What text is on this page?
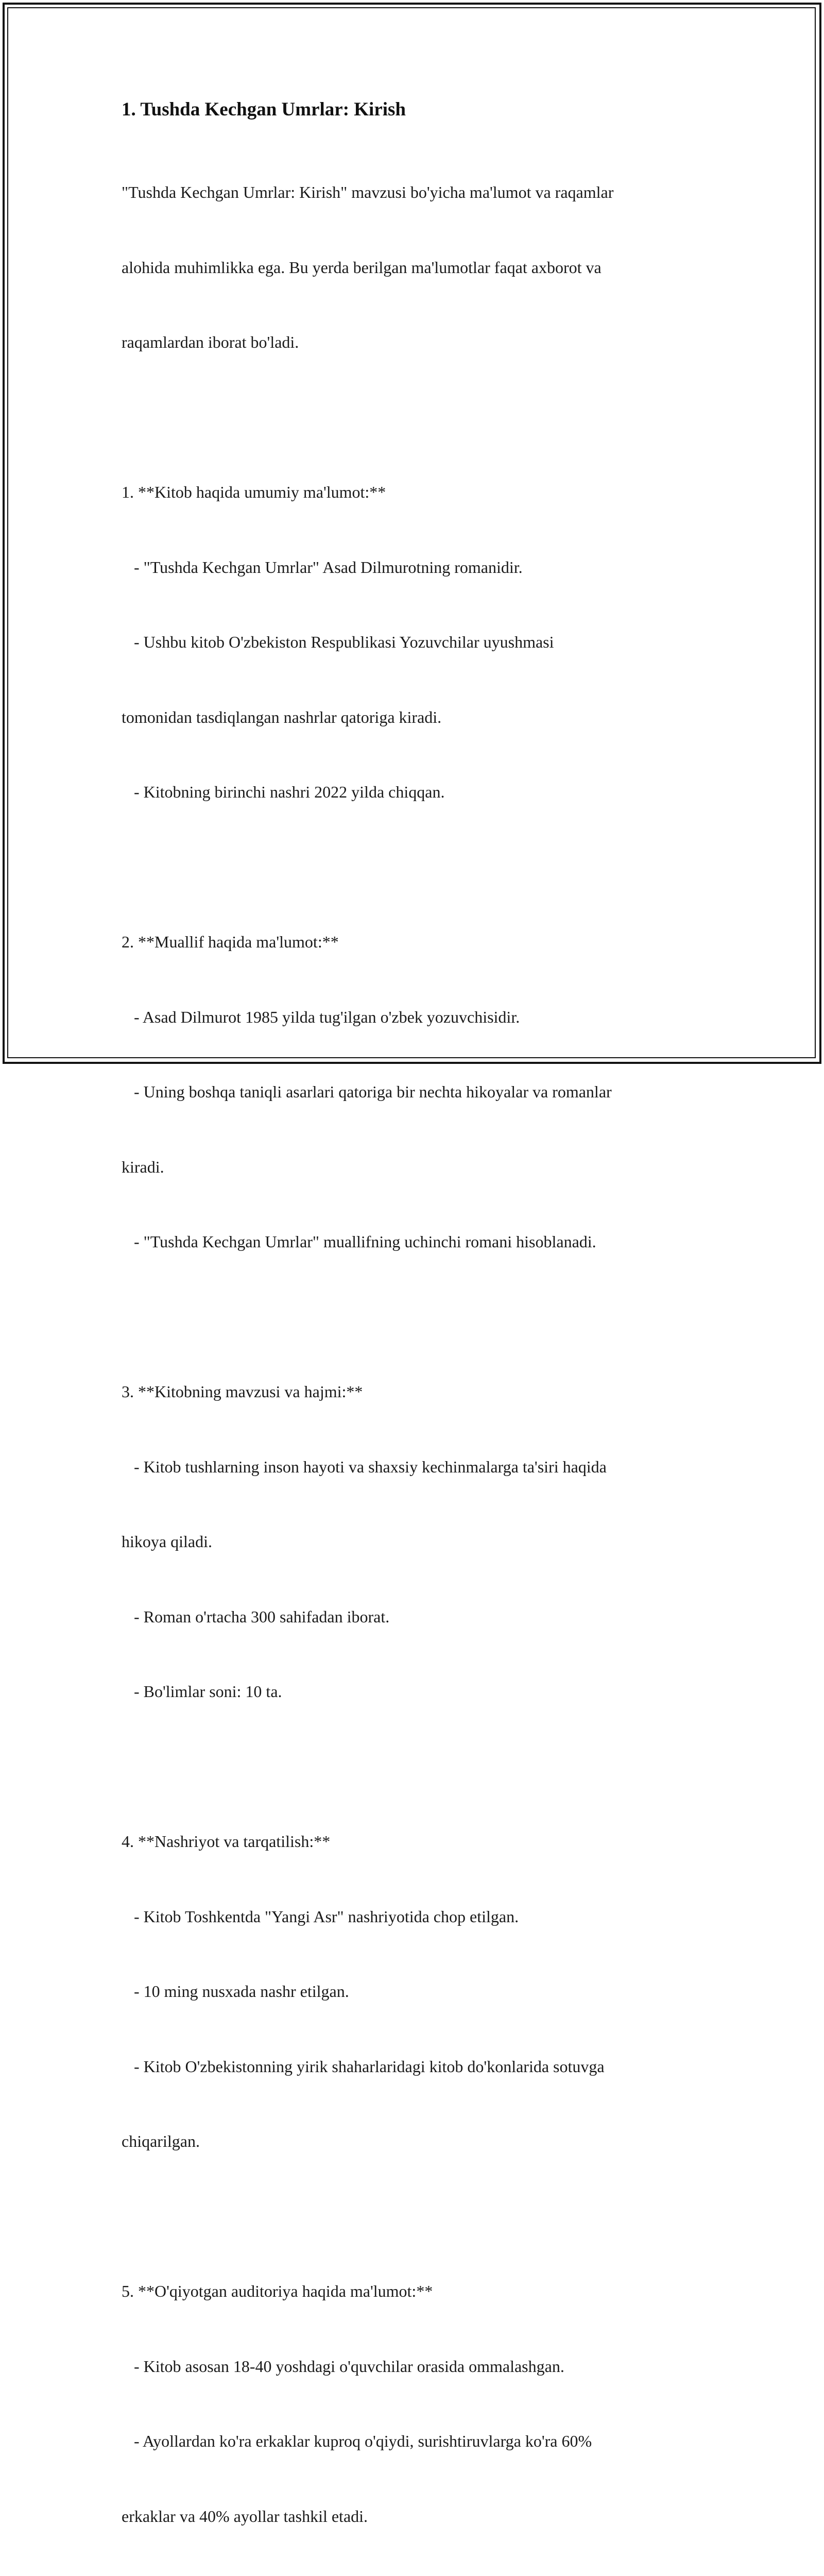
1. Tushda Kechgan Umrlar: Kirish

"Tushda Kechgan Umrlar: Kirish" mavzusi bo'yicha ma'lumot va raqamlar

alohida muhimlikka ega. Bu yerda berilgan ma'lumotlar faqat axborot va

raqamlardan iborat bo'ladi.

1. **Kitob haqida umumiy ma'lumot:**

- "Tushda Kechgan Umrlar" Asad Dilmurotning romanidir.

- Ushbu kitob O'zbekiston Respublikasi Yozuvchilar uyushmasi

tomonidan tasdiqlangan nashrlar qatoriga kiradi.

- Kitobning birinchi nashri 2022 yilda chiqqan.

2. **Muallif haqida ma'lumot:**

- Asad Dilmurot 1985 yilda tug'ilgan o'zbek yozuvchisidir.

- Uning boshqa taniqli asarlari qatoriga bir nechta hikoyalar va romanlar

kiradi.

- "Tushda Kechgan Umrlar" muallifning uchinchi romani hisoblanadi.

3. **Kitobning mavzusi va hajmi:**

- Kitob tushlarning inson hayoti va shaxsiy kechinmalarga ta'siri haqida

hikoya qiladi.

- Roman o'rtacha 300 sahifadan iborat.

- Bo'limlar soni: 10 ta.

4. **Nashriyot va tarqatilish:**

- Kitob Toshkentda "Yangi Asr" nashriyotida chop etilgan.

- 10 ming nusxada nashr etilgan.

- Kitob O'zbekistonning yirik shaharlaridagi kitob do'konlarida sotuvga

chiqarilgan.

5. **O'qiyotgan auditoriya haqida ma'lumot:**

- Kitob asosan 18-40 yoshdagi o'quvchilar orasida ommalashgan.

- Ayollardan ko'ra erkaklar kuproq o'qiydi, surishtiruvlarga ko'ra 60%

erkaklar va 40% ayollar tashkil etadi.
